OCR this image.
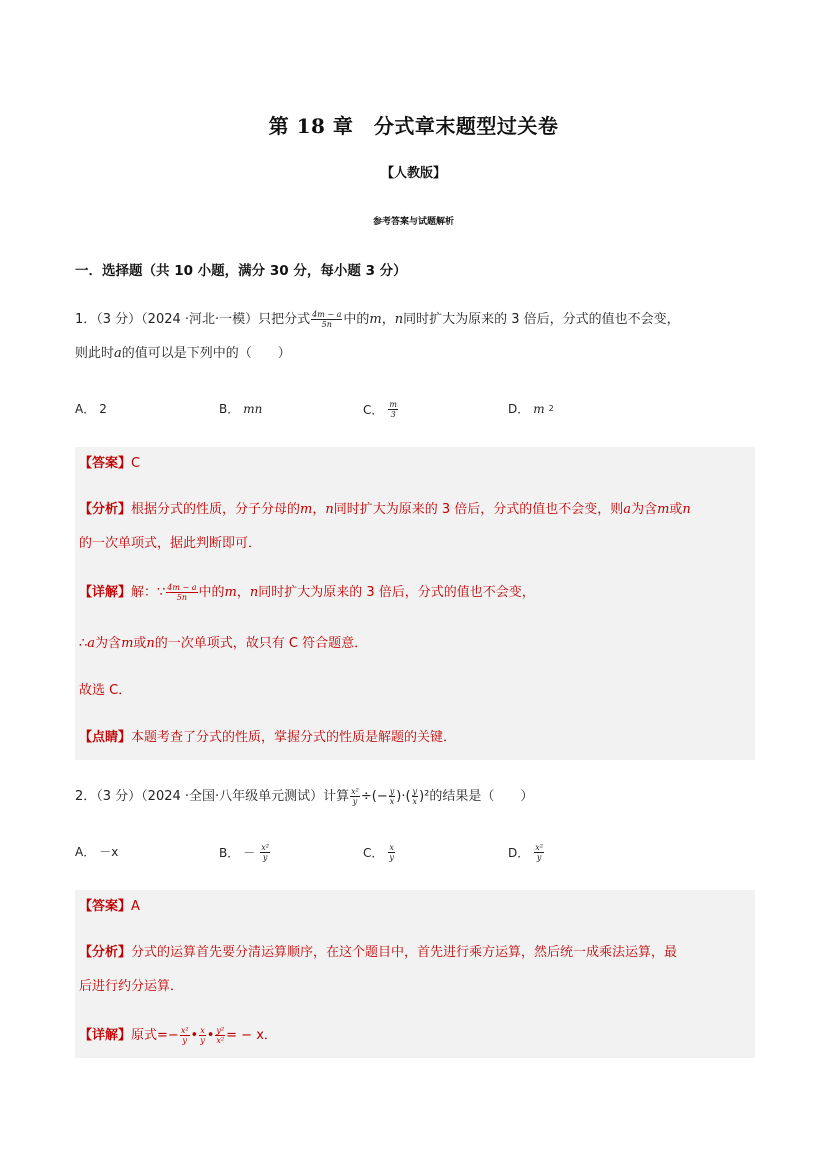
第 18 章　分式章末题型过关卷
【人教版】
参考答案与试题解析
一．选择题（共 10 小题，满分 30 分，每小题 3 分）
1．（3 分）（2024 ·河北·一模）只把分式 $\frac{4m - a}{5n}$ 中的m，n同时扩大为原来的 3 倍后，分式的值也不会变，
则此时a的值可以是下列中的（　　）
A． 2	B． mn	C． $\frac{m}{3}$	D． m 2
【答案】C
【分析】根据分式的性质，分子分母的m，n同时扩大为原来的 3 倍后，分式的值也不会变，则a为含m或n
的一次单项式，据此判断即可．
【详解】解：∵ $\frac{4m - a}{5n}$ 中的m，n同时扩大为原来的 3 倍后，分式的值也不会变，
∴a为含m或n的一次单项式，故只有 C 符合题意．
故选 C．
【点睛】本题考查了分式的性质，掌握分式的性质是解题的关键．
2．（3 分）（2024 ·全国·八年级单元测试）计算 $\frac{\text{x²}}{y}$ ÷(− $\frac{y}{x}$ )·( $\frac{y}{x} )^2$的结果是（　　）
A． －x	B． － $\frac{\text{x²}}{y}$	C． $\frac{x}{y}$	D． $\frac{\text{x²}}{y}$
【答案】A
【分析】分式的运算首先要分清运算顺序，在这个题目中，首先进行乘方运算，然后统一成乘法运算，最
后进行约分运算．
【详解】原式=− $\frac{\text{x²}}{y}$ • $\frac{x}{y}$ • $\frac{\text{y²}}{\text{x²}}$ = − x．
